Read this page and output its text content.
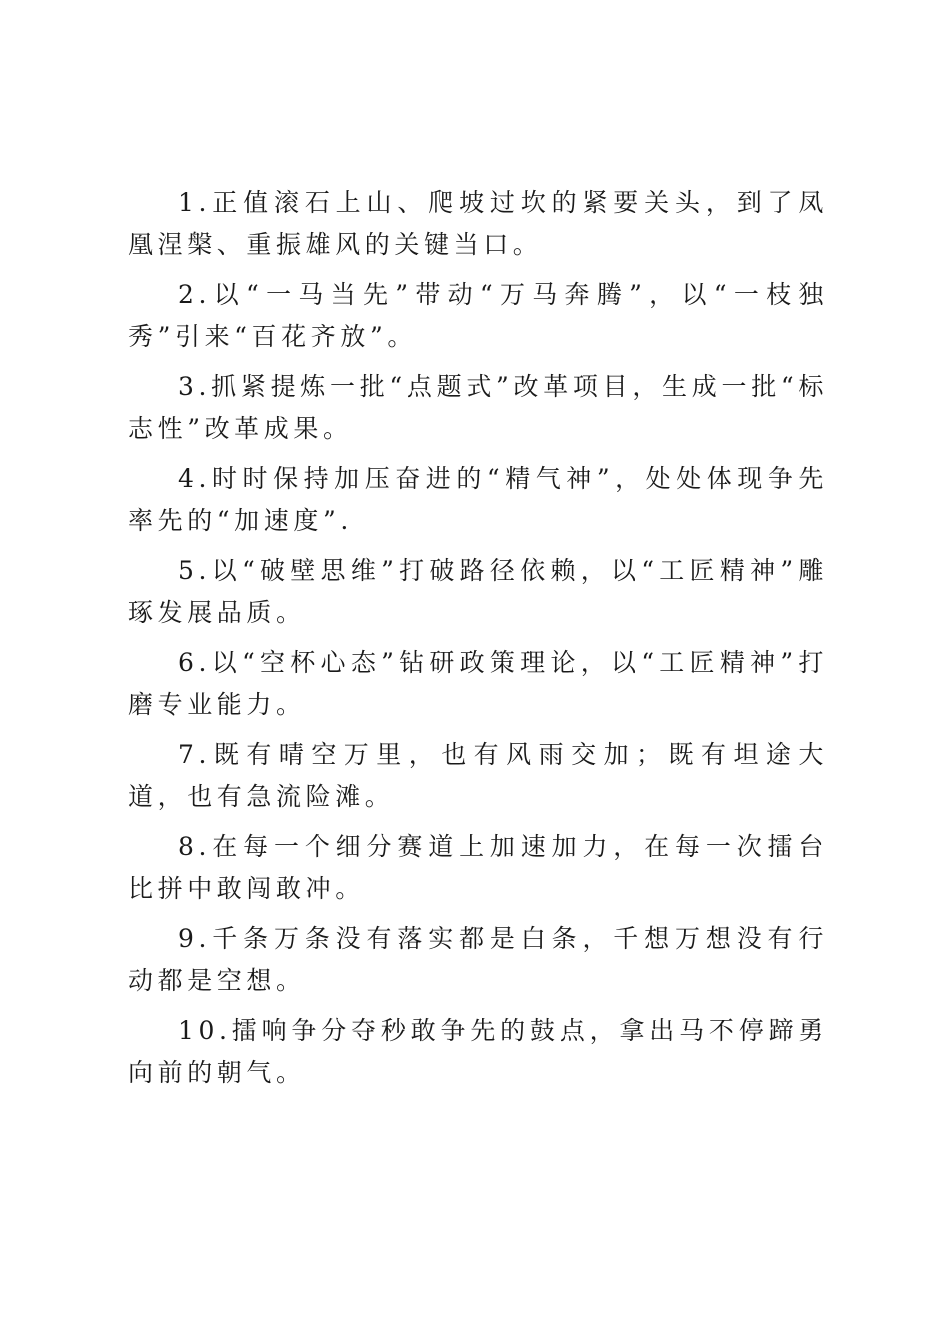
1.正值滚石上山、爬坡过坎的紧要关头，到了凤凰涅槃、重振雄风的关键当口。

2.以“一马当先”带动“万马奔腾”，以“一枝独秀”引来“百花齐放”。

3.抓紧提炼一批“点题式”改革项目，生成一批“标志性”改革成果。

4.时时保持加压奋进的“精气神”，处处体现争先率先的“加速度”.

5.以“破壁思维”打破路径依赖，以“工匠精神”雕琢发展品质。

6.以“空杯心态”钻研政策理论，以“工匠精神”打磨专业能力。

7.既有晴空万里，也有风雨交加；既有坦途大道，也有急流险滩。

8.在每一个细分赛道上加速加力，在每一次擂台比拼中敢闯敢冲。

9.千条万条没有落实都是白条，千想万想没有行动都是空想。

10.擂响争分夺秒敢争先的鼓点，拿出马不停蹄勇向前的朝气。
